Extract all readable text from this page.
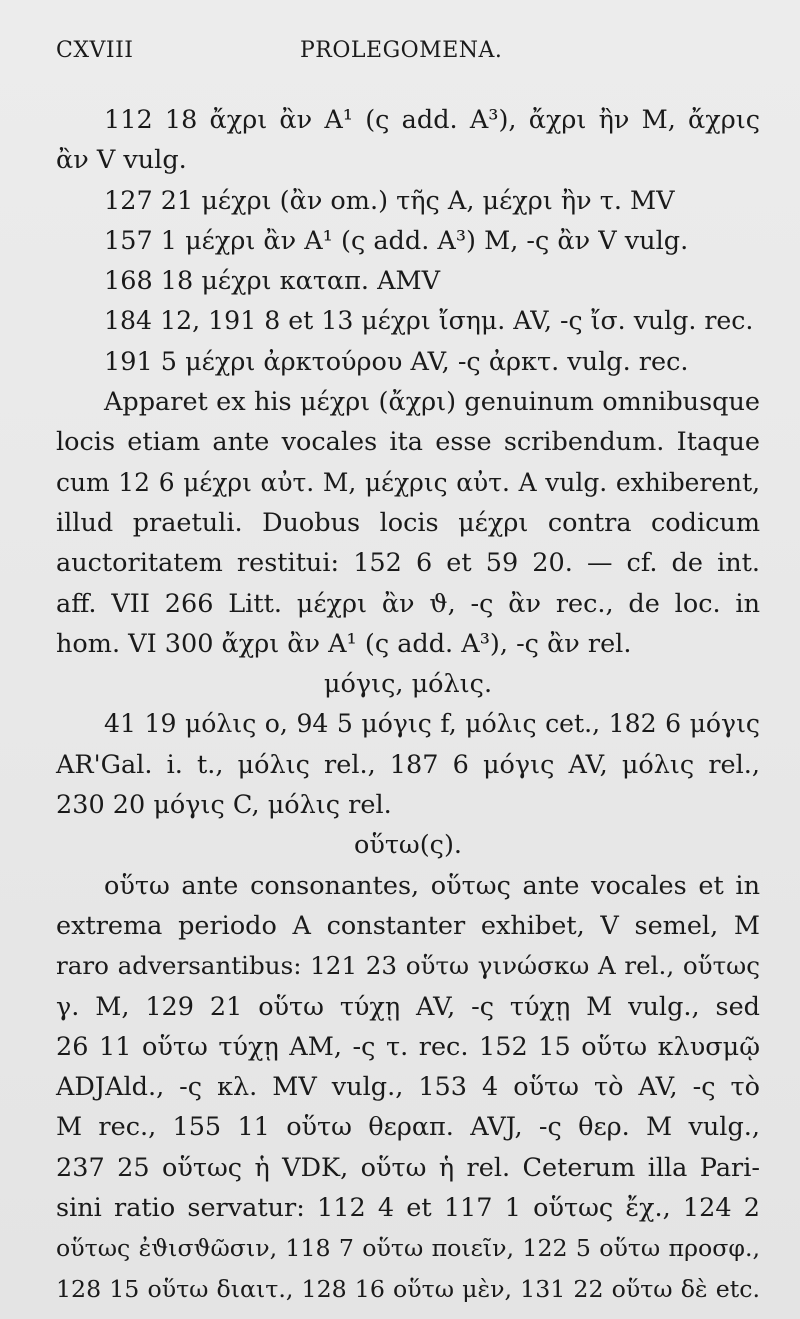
CXVIII	PROLEGOMENA.
112 18 ἄχρι ἂν A¹ (ς add. A³), ἄχρι ἢν M, ἄχρις
ἂν V vulg.
127 21 μέχρι (ἂν om.) τῆς A, μέχρι ἢν τ. MV
157 1 μέχρι ἂν A¹ (ς add. A³) M, -ς ἂν V vulg.
168 18 μέχρι καταπ. AMV
184 12, 191 8 et 13 μέχρι ἴσημ. AV, -ς ἴσ. vulg. rec.
191 5 μέχρι ἀρκτούρου AV, -ς ἀρκτ. vulg. rec.
Apparet ex his μέχρι (ἄχρι) genuinum omnibusque
locis etiam ante vocales ita esse scribendum. Itaque
cum 12 6 μέχρι αὐτ. M, μέχρις αὐτ. A vulg. exhiberent,
illud praetuli. Duobus locis μέχρι contra codicum
auctoritatem restitui: 152 6 et 59 20. — cf. de int.
aff. VII 266 Litt. μέχρι ἂν ϑ, -ς ἂν rec., de loc. in
hom. VI 300 ἄχρι ἂν A¹ (ς add. A³), -ς ἂν rel.
μόγις, μόλις.
41 19 μόλις o, 94 5 μόγις f, μόλις cet., 182 6 μόγις
AR'Gal. i. t., μόλις rel., 187 6 μόγις AV, μόλις rel.,
230 20 μόγις C, μόλις rel.
οὕτω(ς).
οὕτω ante consonantes, οὕτως ante vocales et in
extrema periodo A constanter exhibet, V semel, M
raro adversantibus: 121 23 οὕτω γινώσκω A rel., οὕτως
γ. M, 129 21 οὕτω τύχῃ AV, -ς τύχῃ M vulg., sed
26 11 οὕτω τύχῃ AM, -ς τ. rec. 152 15 οὕτω κλυσμῷ
ADJAld., -ς κλ. MV vulg., 153 4 οὕτω τὸ AV, -ς τὸ
M rec., 155 11 οὕτω θεραπ. AVJ, -ς θερ. M vulg.,
237 25 οὕτως ἡ VDK, οὕτω ἡ rel. Ceterum illa Pari-
sini ratio servatur: 112 4 et 117 1 οὕτως ἔχ., 124 2
οὕτως ἐϑισϑῶσιν, 118 7 οὕτω ποιεῖν, 122 5 οὕτω προσφ.,
128 15 οὕτω διαιτ., 128 16 οὕτω μὲν, 131 22 οὕτω δὲ etc.
